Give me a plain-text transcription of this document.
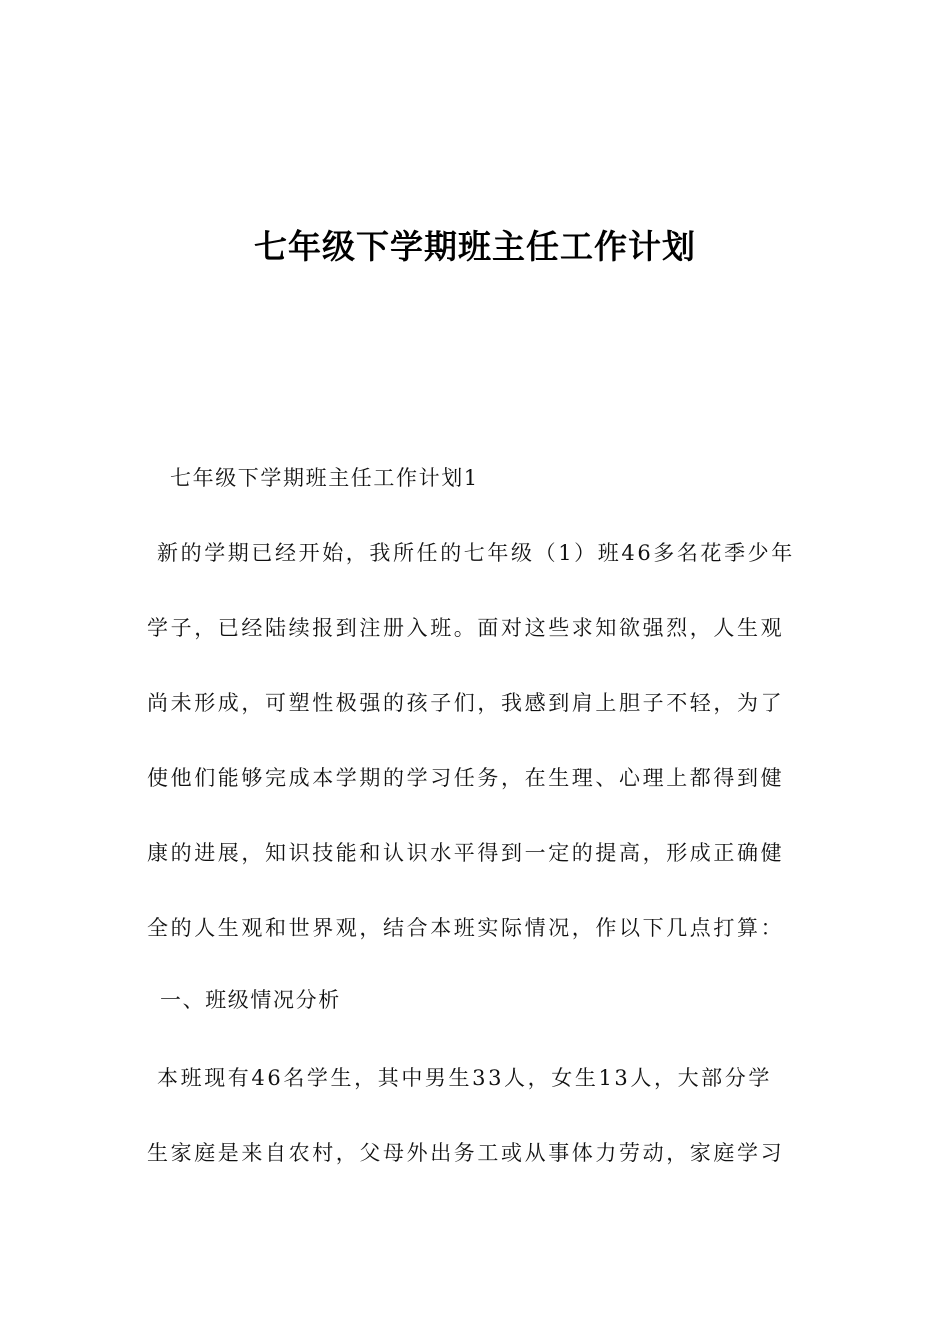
七年级下学期班主任工作计划

七年级下学期班主任工作计划1

新的学期已经开始，我所任的七年级（1）班46多名花季少年

学子，已经陆续报到注册入班。面对这些求知欲强烈，人生观

尚未形成，可塑性极强的孩子们，我感到肩上胆子不轻，为了

使他们能够完成本学期的学习任务，在生理、心理上都得到健

康的进展，知识技能和认识水平得到一定的提高，形成正确健

全的人生观和世界观，结合本班实际情况，作以下几点打算：

一、班级情况分析

本班现有46名学生，其中男生33人，女生13人，大部分学

生家庭是来自农村，父母外出务工或从事体力劳动，家庭学习
